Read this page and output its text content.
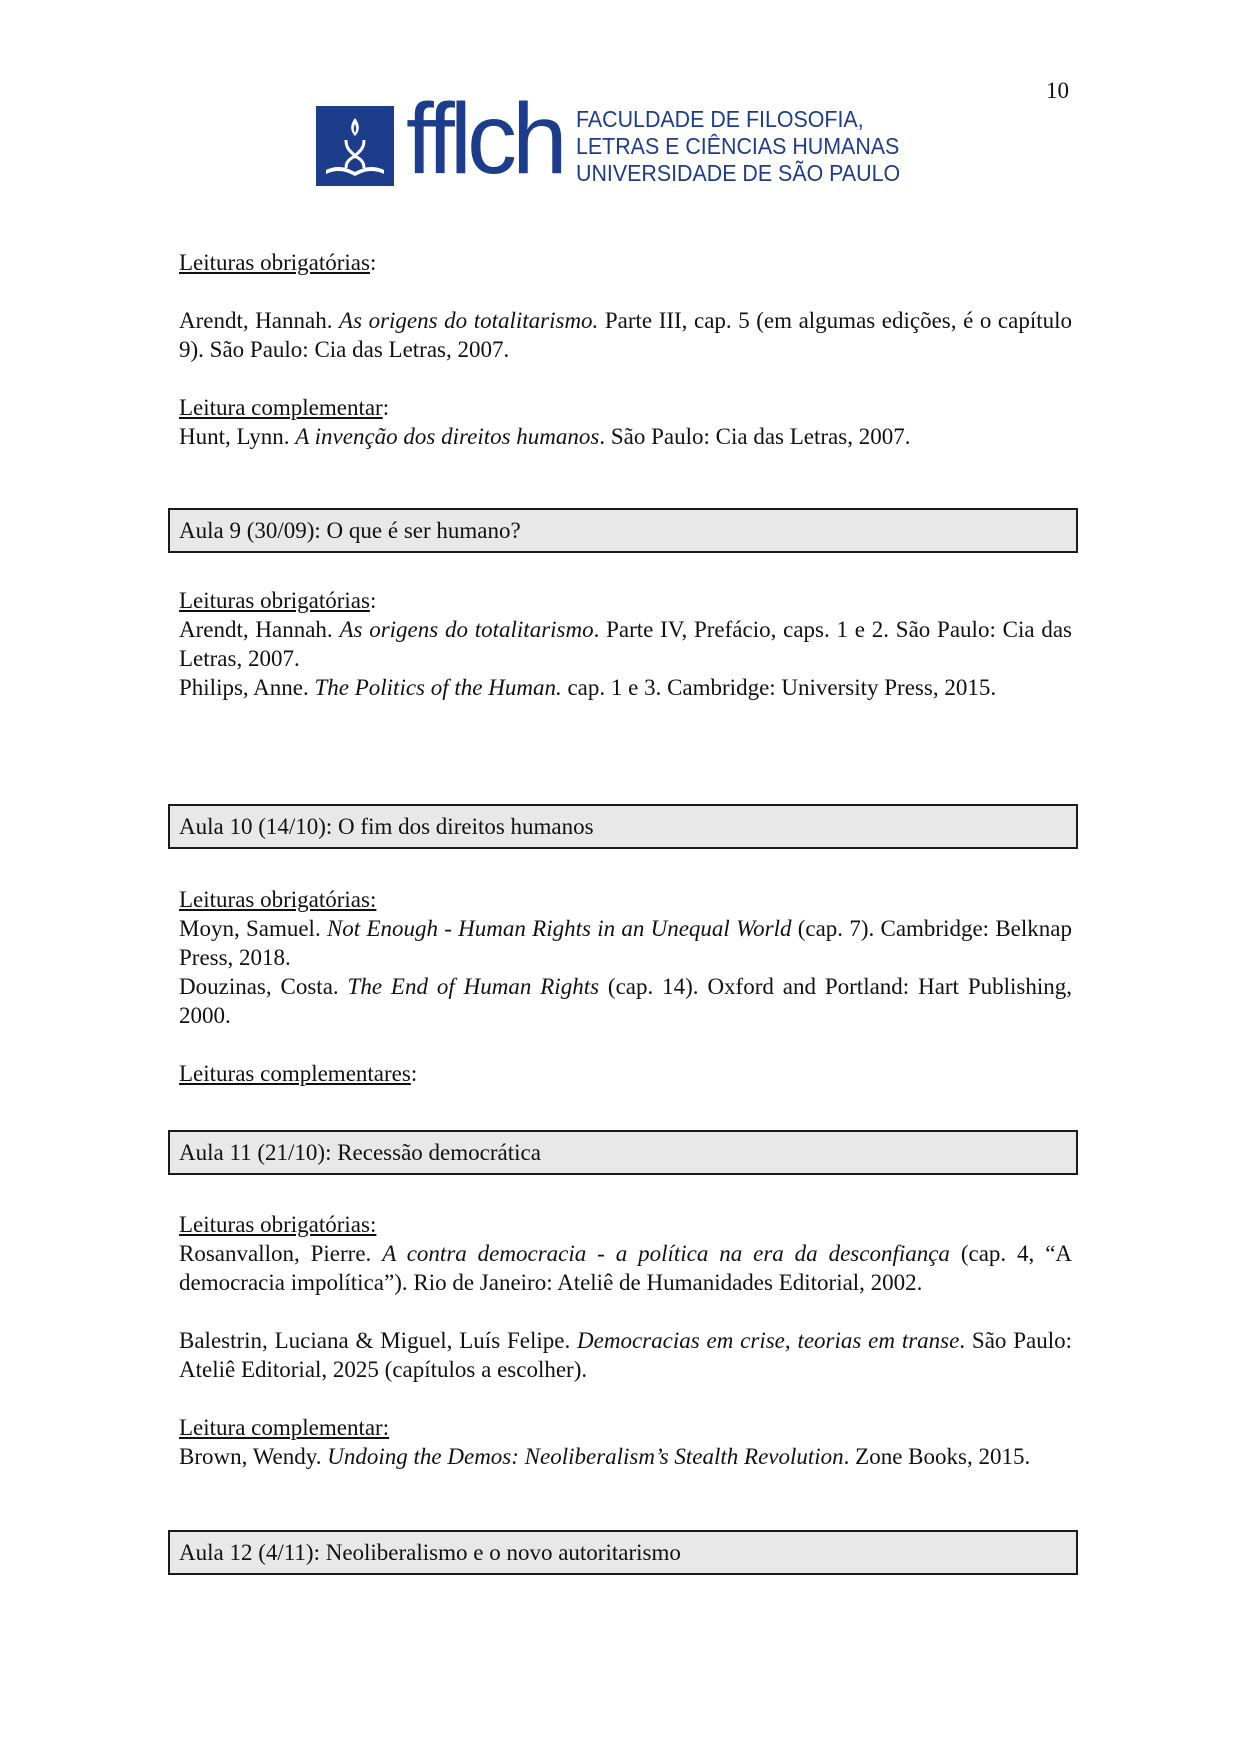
10
fflch FACULDADE DE FILOSOFIA,
LETRAS E CIÊNCIAS HUMANAS
UNIVERSIDADE DE SÃO PAULO
Leituras obrigatórias:
Arendt, Hannah. As origens do totalitarismo. Parte III, cap. 5 (em algumas edições, é o capítulo 9). São Paulo: Cia das Letras, 2007.
Leitura complementar:
Hunt, Lynn. A invenção dos direitos humanos. São Paulo: Cia das Letras, 2007.
Aula 9 (30/09): O que é ser humano?
Leituras obrigatórias:
Arendt, Hannah. As origens do totalitarismo. Parte IV, Prefácio, caps. 1 e 2. São Paulo: Cia das Letras, 2007.
Philips, Anne. The Politics of the Human. cap. 1 e 3. Cambridge: University Press, 2015.
Aula 10 (14/10): O fim dos direitos humanos
Leituras obrigatórias:
Moyn, Samuel. Not Enough - Human Rights in an Unequal World (cap. 7). Cambridge: Belknap Press, 2018.
Douzinas, Costa. The End of Human Rights (cap. 14). Oxford and Portland: Hart Publishing, 2000.
Leituras complementares:
Aula 11 (21/10): Recessão democrática
Leituras obrigatórias:
Rosanvallon, Pierre. A contra democracia - a política na era da desconfiança (cap. 4, “A democracia impolítica”). Rio de Janeiro: Ateliê de Humanidades Editorial, 2002.
Balestrin, Luciana & Miguel, Luís Felipe. Democracias em crise, teorias em transe. São Paulo: Ateliê Editorial, 2025 (capítulos a escolher).
Leitura complementar:
Brown, Wendy. Undoing the Demos: Neoliberalism’s Stealth Revolution. Zone Books, 2015.
Aula 12 (4/11): Neoliberalismo e o novo autoritarismo
